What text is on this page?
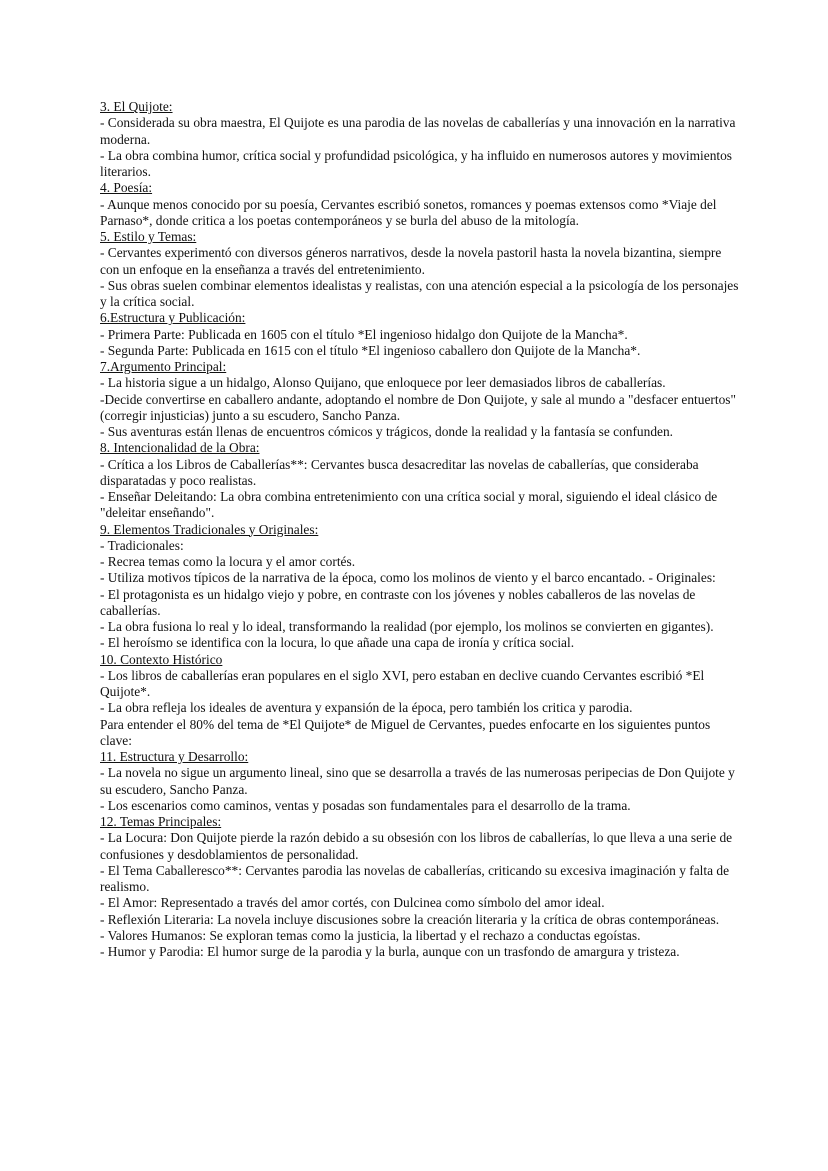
3. El Quijote:

- Considerada su obra maestra, El Quijote es una parodia de las novelas de caballerías y una innovación en la narrativa moderna.

- La obra combina humor, crítica social y profundidad psicológica, y ha influido en numerosos autores y movimientos literarios.

4. Poesía:

- Aunque menos conocido por su poesía, Cervantes escribió sonetos, romances y poemas extensos como *Viaje del Parnaso*, donde critica a los poetas contemporáneos y se burla del abuso de la mitología.

5. Estilo y Temas:

- Cervantes experimentó con diversos géneros narrativos, desde la novela pastoril hasta la novela bizantina, siempre con un enfoque en la enseñanza a través del entretenimiento.

- Sus obras suelen combinar elementos idealistas y realistas, con una atención especial a la psicología de los personajes y la crítica social.

6.Estructura y Publicación:

- Primera Parte: Publicada en 1605 con el título *El ingenioso hidalgo don Quijote de la Mancha*.

- Segunda Parte: Publicada en 1615 con el título *El ingenioso caballero don Quijote de la Mancha*.

7.Argumento Principal:

- La historia sigue a un hidalgo, Alonso Quijano, que enloquece por leer demasiados libros de caballerías.

-Decide convertirse en caballero andante, adoptando el nombre de Don Quijote, y sale al mundo a "desfacer entuertos" (corregir injusticias) junto a su escudero, Sancho Panza.

- Sus aventuras están llenas de encuentros cómicos y trágicos, donde la realidad y la fantasía se confunden.

8. Intencionalidad de la Obra:

- Crítica a los Libros de Caballerías**: Cervantes busca desacreditar las novelas de caballerías, que consideraba disparatadas y poco realistas.

- Enseñar Deleitando: La obra combina entretenimiento con una crítica social y moral, siguiendo el ideal clásico de "deleitar enseñando".

9. Elementos Tradicionales y Originales:

- Tradicionales:

- Recrea temas como la locura y el amor cortés.

- Utiliza motivos típicos de la narrativa de la época, como los molinos de viento y el barco encantado. - Originales:

- El protagonista es un hidalgo viejo y pobre, en contraste con los jóvenes y nobles caballeros de las novelas de caballerías.

- La obra fusiona lo real y lo ideal, transformando la realidad (por ejemplo, los molinos se convierten en gigantes).

- El heroísmo se identifica con la locura, lo que añade una capa de ironía y crítica social.

10. Contexto Histórico

- Los libros de caballerías eran populares en el siglo XVI, pero estaban en declive cuando Cervantes escribió *El Quijote*.

- La obra refleja los ideales de aventura y expansión de la época, pero también los critica y parodia.

Para entender el 80% del tema de *El Quijote* de Miguel de Cervantes, puedes enfocarte en los siguientes puntos clave:

11. Estructura y Desarrollo:

- La novela no sigue un argumento lineal, sino que se desarrolla a través de las numerosas peripecias de Don Quijote y su escudero, Sancho Panza.

- Los escenarios como caminos, ventas y posadas son fundamentales para el desarrollo de la trama.

12. Temas Principales:

- La Locura: Don Quijote pierde la razón debido a su obsesión con los libros de caballerías, lo que lleva a una serie de confusiones y desdoblamientos de personalidad.

- El Tema Caballeresco**: Cervantes parodia las novelas de caballerías, criticando su excesiva imaginación y falta de realismo.

- El Amor: Representado a través del amor cortés, con Dulcinea como símbolo del amor ideal.

- Reflexión Literaria: La novela incluye discusiones sobre la creación literaria y la crítica de obras contemporáneas.

- Valores Humanos: Se exploran temas como la justicia, la libertad y el rechazo a conductas egoístas.

- Humor y Parodia: El humor surge de la parodia y la burla, aunque con un trasfondo de amargura y tristeza.
